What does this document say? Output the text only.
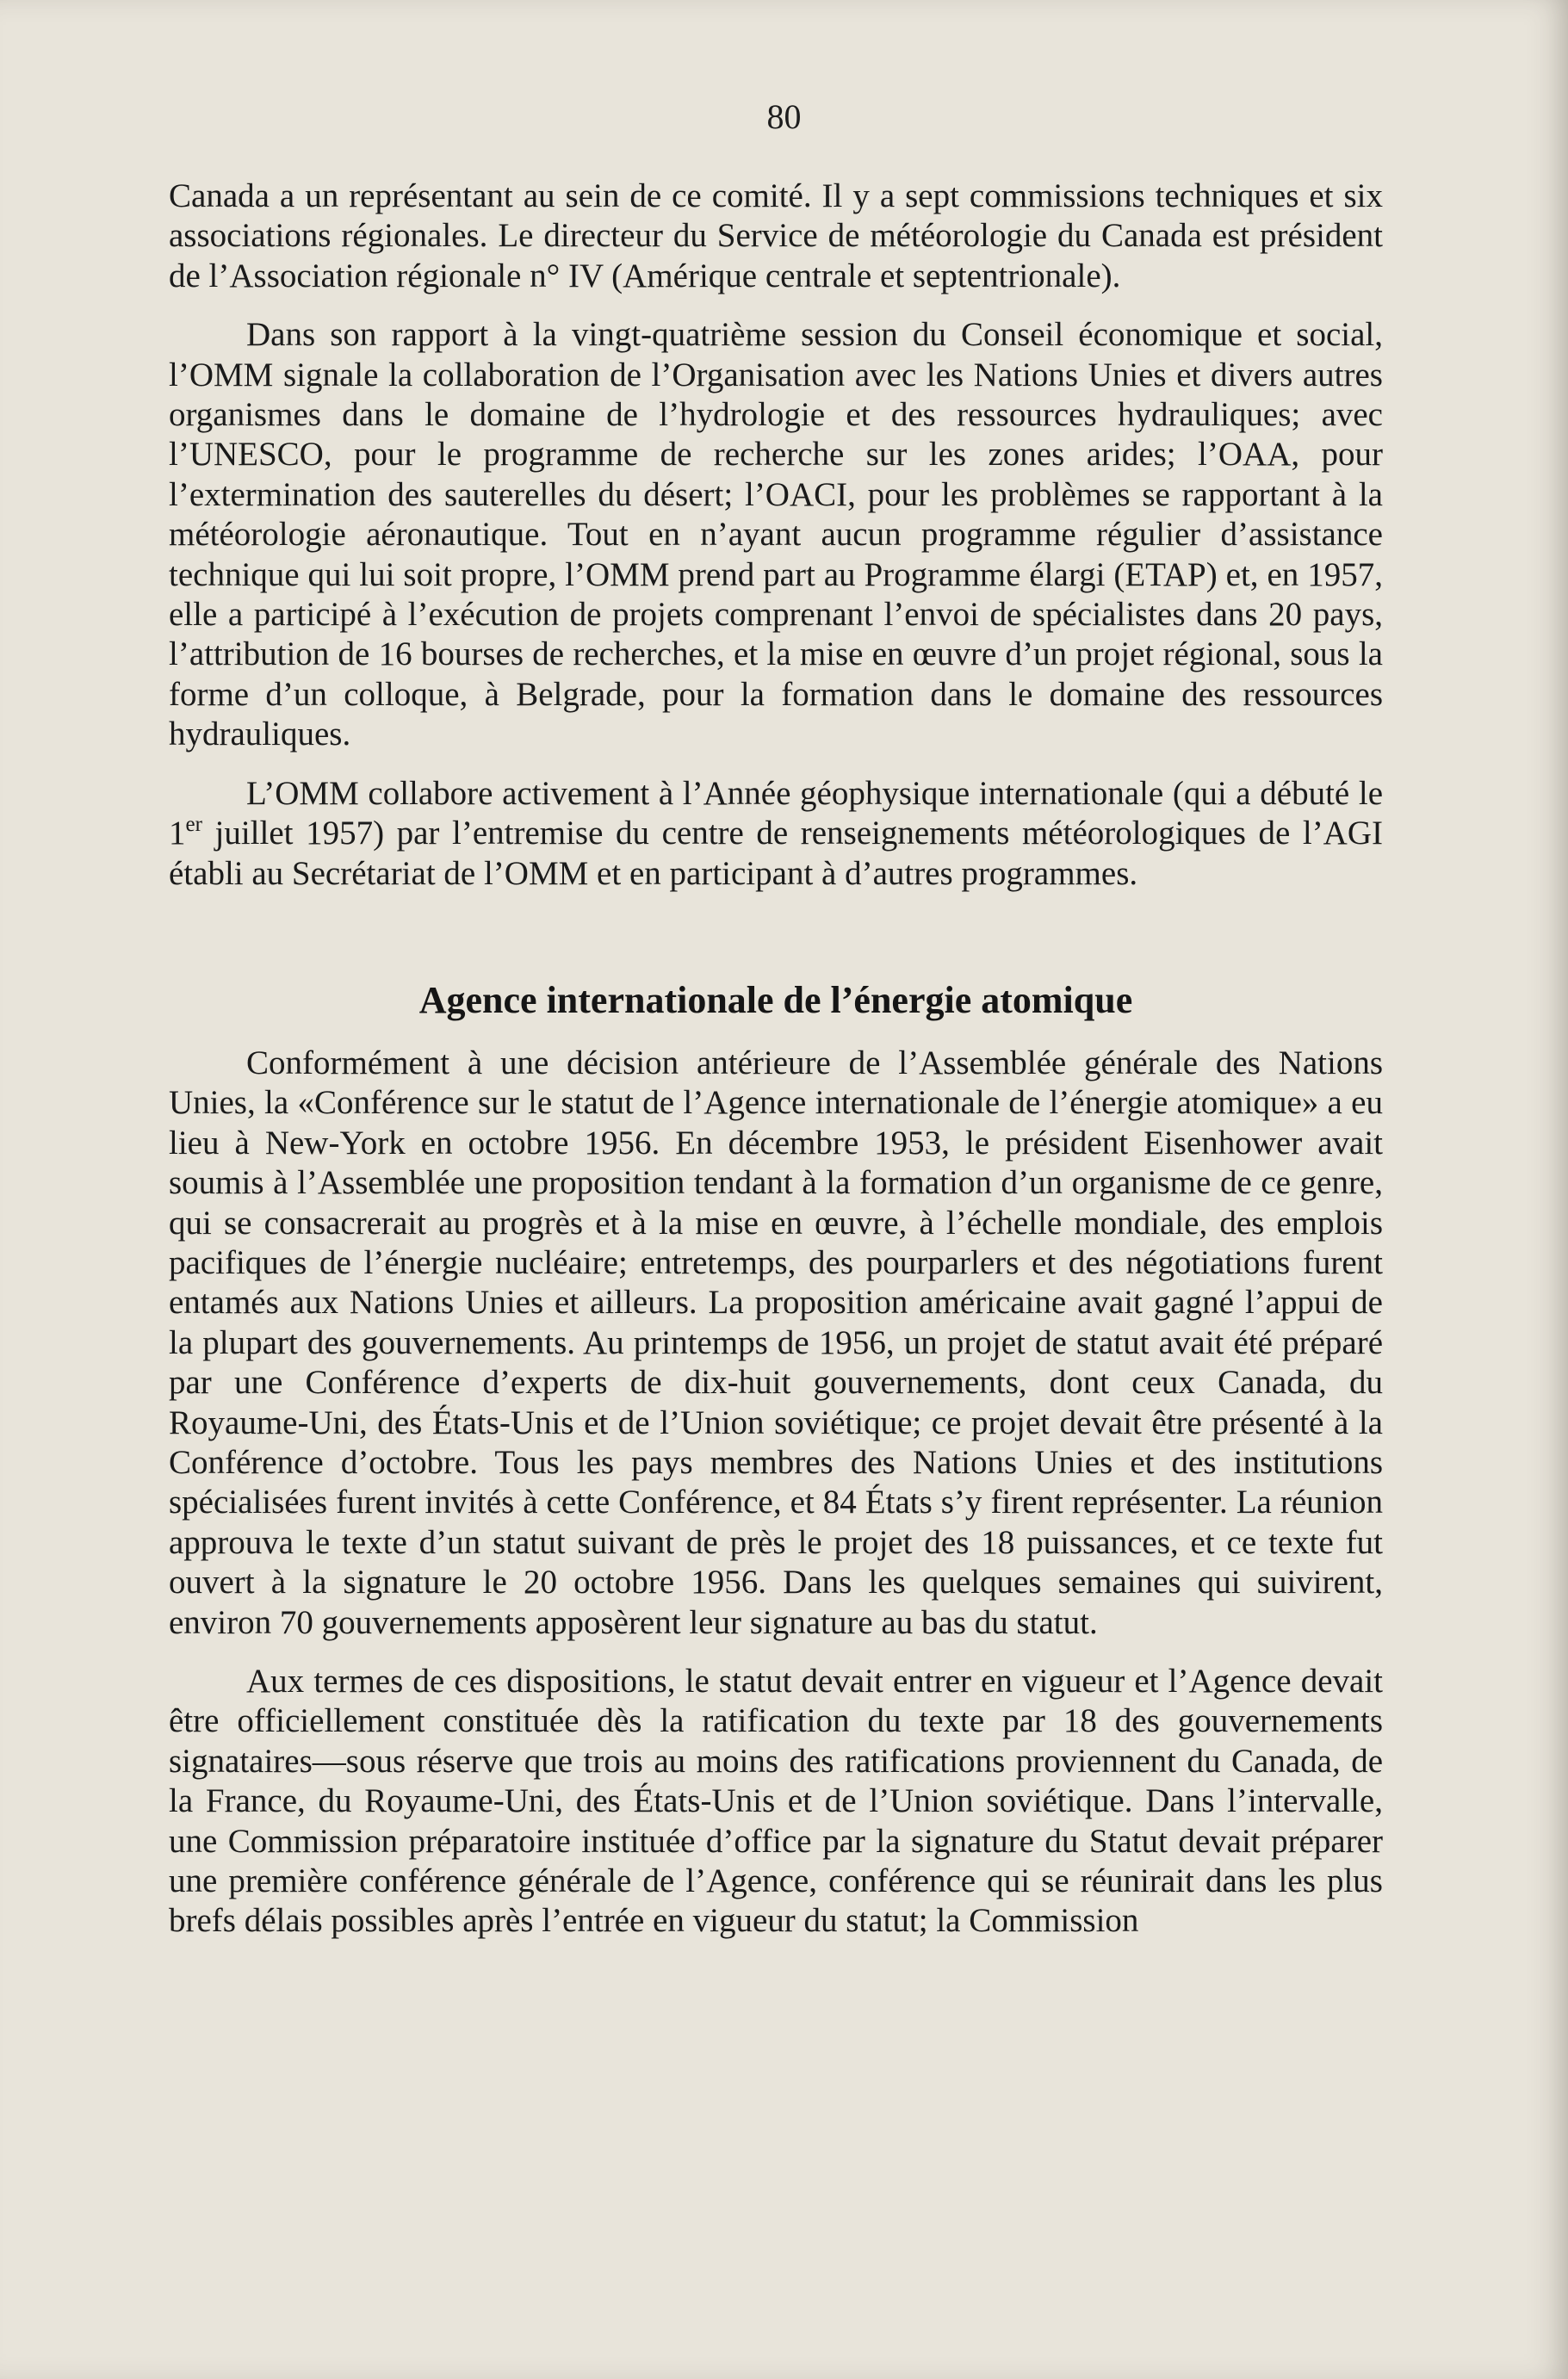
80

Canada a un représentant au sein de ce comité. Il y a sept commissions techniques et six associations régionales. Le directeur du Service de météorologie du Canada est président de l’Association régionale n° IV (Amérique centrale et septentrionale).

Dans son rapport à la vingt-quatrième session du Conseil économique et social, l’OMM signale la collaboration de l’Organisation avec les Nations Unies et divers autres organismes dans le domaine de l’hydrologie et des ressources hydrauliques; avec l’UNESCO, pour le programme de recherche sur les zones arides; l’OAA, pour l’extermination des sauterelles du désert; l’OACI, pour les problèmes se rapportant à la météorologie aéronautique. Tout en n’ayant aucun programme régulier d’assistance technique qui lui soit propre, l’OMM prend part au Programme élargi (ETAP) et, en 1957, elle a participé à l’exécution de projets comprenant l’envoi de spécialistes dans 20 pays, l’attribution de 16 bourses de recherches, et la mise en œuvre d’un projet régional, sous la forme d’un colloque, à Belgrade, pour la formation dans le domaine des ressources hydrauliques.

L’OMM collabore activement à l’Année géophysique internationale (qui a débuté le 1er juillet 1957) par l’entremise du centre de renseignements météorologiques de l’AGI établi au Secrétariat de l’OMM et en participant à d’autres programmes.

Agence internationale de l’énergie atomique

Conformément à une décision antérieure de l’Assemblée générale des Nations Unies, la «Conférence sur le statut de l’Agence internationale de l’énergie atomique» a eu lieu à New-York en octobre 1956. En décembre 1953, le président Eisenhower avait soumis à l’Assemblée une proposition tendant à la formation d’un organisme de ce genre, qui se consacrerait au progrès et à la mise en œuvre, à l’échelle mondiale, des emplois pacifiques de l’énergie nucléaire; entretemps, des pourparlers et des négotiations furent entamés aux Nations Unies et ailleurs. La proposition américaine avait gagné l’appui de la plupart des gouvernements. Au printemps de 1956, un projet de statut avait été préparé par une Conférence d’experts de dix-huit gouvernements, dont ceux Canada, du Royaume-Uni, des États-Unis et de l’Union soviétique; ce projet devait être présenté à la Conférence d’octobre. Tous les pays membres des Nations Unies et des institutions spécialisées furent invités à cette Conférence, et 84 États s’y firent représenter. La réunion approuva le texte d’un statut suivant de près le projet des 18 puissances, et ce texte fut ouvert à la signature le 20 octobre 1956. Dans les quelques semaines qui suivirent, environ 70 gouvernements apposèrent leur signature au bas du statut.

Aux termes de ces dispositions, le statut devait entrer en vigueur et l’Agence devait être officiellement constituée dès la ratification du texte par 18 des gouvernements signataires—sous réserve que trois au moins des ratifications proviennent du Canada, de la France, du Royaume-Uni, des États-Unis et de l’Union soviétique. Dans l’intervalle, une Commission préparatoire instituée d’office par la signature du Statut devait préparer une première conférence générale de l’Agence, conférence qui se réunirait dans les plus brefs délais possibles après l’entrée en vigueur du statut; la Commission
